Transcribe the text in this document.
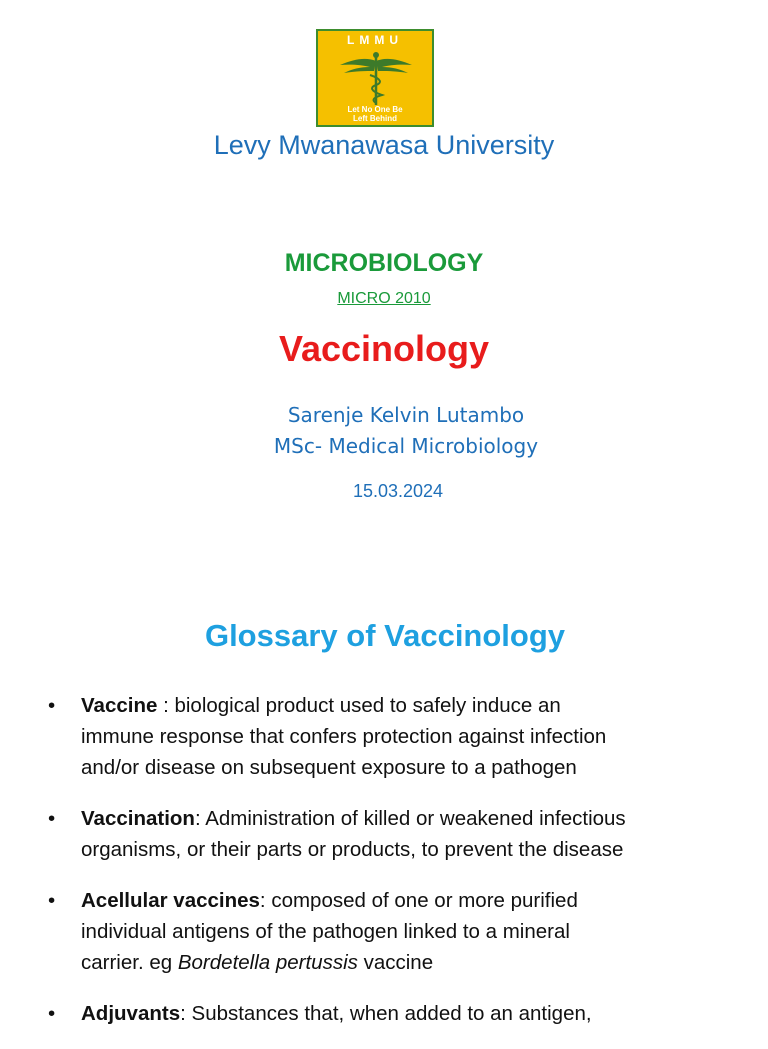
LMMU
Let No One Be
Left Behind
Levy Mwanawasa University
MICROBIOLOGY
MICRO 2010
Vaccinology
Sarenje Kelvin Lutambo
MSc- Medical Microbiology
15.03.2024
Glossary of Vaccinology
• Vaccine : biological product used to safely induce an
immune response that confers protection against infection
and/or disease on subsequent exposure to a pathogen
• Vaccination: Administration of killed or weakened infectious
organisms, or their parts or products, to prevent the disease
• Acellular vaccines: composed of one or more purified
individual antigens of the pathogen linked to a mineral
carrier. eg Bordetella pertussis vaccine
• Adjuvants: Substances that, when added to an antigen,
